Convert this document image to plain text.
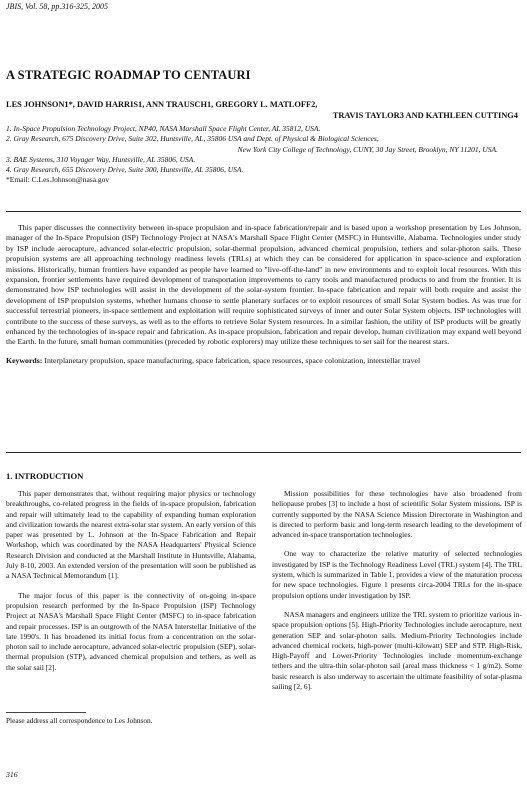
JBIS, Vol. 58, pp.316-325, 2005
A STRATEGIC ROADMAP TO CENTAURI
LES JOHNSON1*, DAVID HARRIS1, ANN TRAUSCH1, GREGORY L. MATLOFF2,
TRAVIS TAYLOR3 AND KATHLEEN CUTTING4
1. In-Space Propulsion Technology Project, NP40, NASA Marshall Space Flight Center, AL 35812, USA.
2. Gray Research, 675 Discovery Drive, Suite 302, Huntsville, AL, 35806 USA and Dept. of Physical & Biological Sciences,
New York City College of Technology, CUNY, 30 Jay Street, Brooklyn, NY 11201, USA.
3. BAE Systems, 310 Voyager Way, Huntsville, AL 35806, USA.
4. Gray Research, 655 Discovery Drive, Suite 300, Huntsville, AL 35806, USA.
*Email: C.Les.Johnson@nasa.gov

This paper discusses the connectivity between in-space propulsion and in-space fabrication/repair and is based upon a workshop presentation by Les Johnson, manager of the In-Space Propulsion (ISP) Technology Project at NASA's Marshall Space Flight Center (MSFC) in Huntsville, Alabama. Technologies under study by ISP include aerocapture, advanced solar-electric propulsion, solar-thermal propulsion, advanced chemical propulsion, tethers and solar-photon sails. These propulsion systems are all approaching technology readiness levels (TRLs) at which they can be considered for application in space-science and exploration missions. Historically, human frontiers have expanded as people have learned to "live-off-the-land" in new environments and to exploit local resources. With this expansion, frontier settlements have required development of transportation improvements to carry tools and manufactured products to and from the frontier. It is demonstrated how ISP technologies will assist in the development of the solar-system frontier. In-space fabrication and repair will both require and assist the development of ISP propulsion systems, whether humans choose to settle planetary surfaces or to exploit resources of small Solar System bodies. As was true for successful terrestrial pioneers, in-space settlement and exploitation will require sophisticated surveys of inner and outer Solar System objects. ISP technologies will contribute to the success of these surveys, as well as to the efforts to retrieve Solar System resources. In a similar fashion, the utility of ISP products will be greatly enhanced by the technologies of in-space repair and fabrication. As in-space propulsion, fabrication and repair develop, human civilization may expand well beyond the Earth. In the future, small human communities (preceded by robotic explorers) may utilize these techniques to set sail for the nearest stars.

Keywords: Interplanetary propulsion, space manufacturing, space fabrication, space resources, space colonization, interstellar travel

1. INTRODUCTION

This paper demonstrates that, without requiring major physics or technology breakthroughs, co-related progress in the fields of in-space propulsion, fabrication and repair will ultimately lead to the capability of expanding human exploration and civilization towards the nearest extra-solar star system. An early version of this paper was presented by L. Johnson at the In-Space Fabrication and Repair Workshop, which was coordinated by the NASA Headquarters' Physical Science Research Division and conducted at the Marshall Institute in Huntsville, Alabama, July 8-10, 2003. An extended version of the presentation will soon be published as a NASA Technical Memorandum [1].

The major focus of this paper is the connectivity of on-going in-space propulsion research performed by the In-Space Propulsion (ISP) Technology Project at NASA's Marshall Space Flight Center (MSFC) to in-space fabrication and repair processes. ISP is an outgrowth of the NASA Interstellar Initiative of the late 1990's. It has broadened its initial focus from a concentration on the solar-photon sail to include aerocapture, advanced solar-electric propulsion (SEP), solar-thermal propulsion (STP), advanced chemical propulsion and tethers, as well as the solar sail [2].

Mission possibilities for these technologies have also broadened from heliopause probes [3] to include a host of scientific Solar System missions. ISP is currently supported by the NASA Science Mission Directorate in Washington and is directed to perform basic and long-term research leading to the development of advanced in-space transportation technologies.

One way to characterize the relative maturity of selected technologies investigated by ISP is the Technology Readiness Level (TRL) system [4]. The TRL system, which is summarized in Table 1, provides a view of the maturation process for new space technologies. Figure 1 presents circa-2004 TRLs for the in-space propulsion options under investigation by ISP.

NASA managers and engineers utilize the TRL system to prioritize various in-space propulsion options [5]. High-Priority Technologies include aerocapture, next generation SEP and solar-photon sails. Medium-Priority Technologies include advanced chemical rockets, high-power (multi-kilowatt) SEP and STP. High-Risk, High-Payoff and Lower-Priority Technologies include momentum-exchange tethers and the ultra-thin solar-photon sail (areal mass thickness < 1 g/m2). Some basic research is also underway to ascertain the ultimate feasibility of solar-plasma sailing [2, 6].

Please address all correspondence to Les Johnson.
316
